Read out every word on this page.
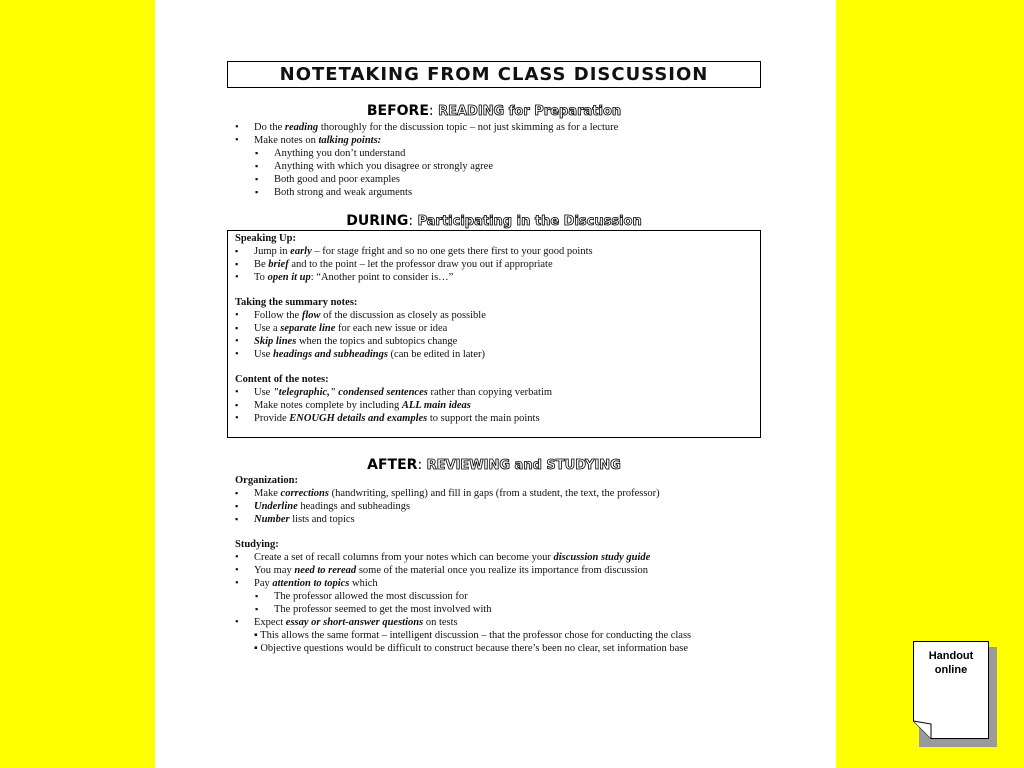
NOTETAKING FROM CLASS DISCUSSION
BEFORE: READING for Preparation
• Do the reading thoroughly for the discussion topic – not just skimming as for a lecture
• Make notes on talking points:
▪ Anything you don’t understand
▪ Anything with which you disagree or strongly agree
▪ Both good and poor examples
▪ Both strong and weak arguments
DURING: Participating in the Discussion
Speaking Up:
▪ Jump in early – for stage fright and so no one gets there first to your good points
▪ Be brief and to the point – let the professor draw you out if appropriate
• To open it up: “Another point to consider is…”
Taking the summary notes:
• Follow the flow of the discussion as closely as possible
▪ Use a separate line for each new issue or idea
• Skip lines when the topics and subtopics change
• Use headings and subheadings (can be edited in later)
Content of the notes:
• Use "telegraphic," condensed sentences rather than copying verbatim
▪ Make notes complete by including ALL main ideas
• Provide ENOUGH details and examples to support the main points
AFTER: REVIEWING and STUDYING
Organization:
▪ Make corrections (handwriting, spelling) and fill in gaps (from a student, the text, the professor)
▪ Underline headings and subheadings
▪ Number lists and topics
Studying:
• Create a set of recall columns from your notes which can become your discussion study guide
• You may need to reread some of the material once you realize its importance from discussion
• Pay attention to topics which
▪ The professor allowed the most discussion for
▪ The professor seemed to get the most involved with
• Expect essay or short-answer questions on tests
▪ This allows the same format – intelligent discussion – that the professor chose for conducting the class
▪ Objective questions would be difficult to construct because there’s been no clear, set information base
Handout
online
